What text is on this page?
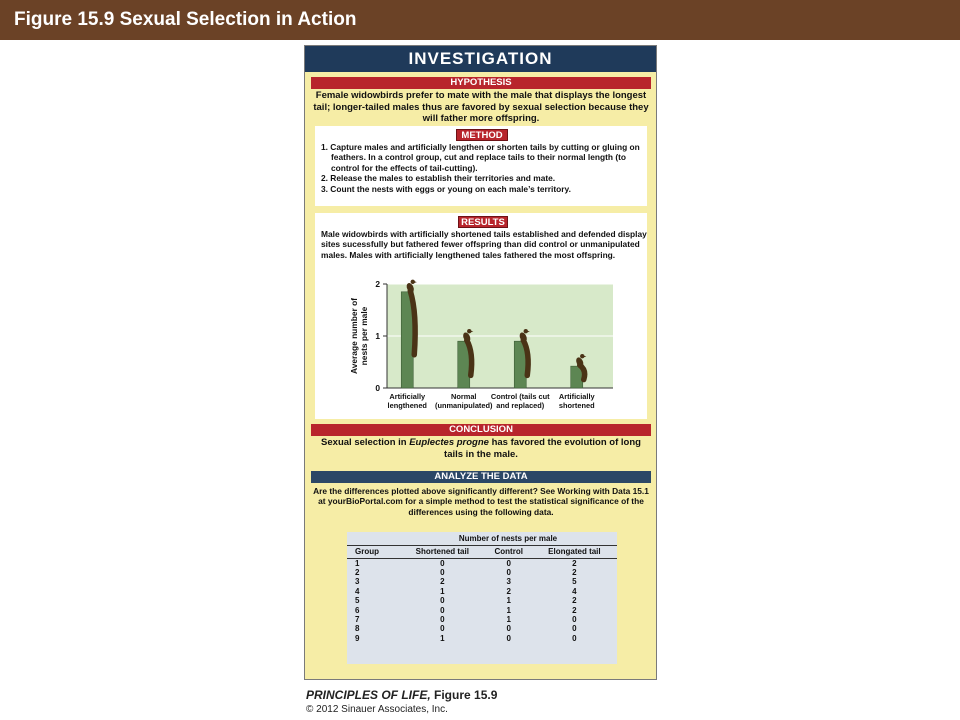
Figure 15.9 Sexual Selection in Action
INVESTIGATION
HYPOTHESIS
Female widowbirds prefer to mate with the male that displays the longest tail; longer-tailed males thus are favored by sexual selection because they will father more offspring.
METHOD
1. Capture males and artificially lengthen or shorten tails by cutting or gluing on feathers. In a control group, cut and replace tails to their normal length (to control for the effects of tail-cutting).
2. Release the males to establish their territories and mate.
3. Count the nests with eggs or young on each male’s territory.
RESULTS
Male widowbirds with artificially shortened tails established and defended display sites sucessfully but fathered fewer offspring than did control or unmanipulated males. Males with artificially lengthened tales fathered the most offspring.
0
1
2
Artificially
lengthened
Normal
(unmanipulated)
Control (tails cut
and replaced)
Artificially
shortened
Average number of nests per male
CONCLUSION
Sexual selection in Euplectes progne has favored the evolution of long tails in the male.
ANALYZE THE DATA
Are the differences plotted above significantly different? See Working with Data 15.1 at yourBioPortal.com for a simple method to test the statistical significance of the differences using the following data.
	Number of nests per male		
Group	Shortened tail	Control	Elongated tail
1	0	0	2
2	0	0	2
3	2	3	5
4	1	2	4
5	0	1	2
6	0	1	2
7	0	1	0
8	0	0	0
9	1	0	0
PRINCIPLES OF LIFE, Figure 15.9
© 2012 Sinauer Associates, Inc.
